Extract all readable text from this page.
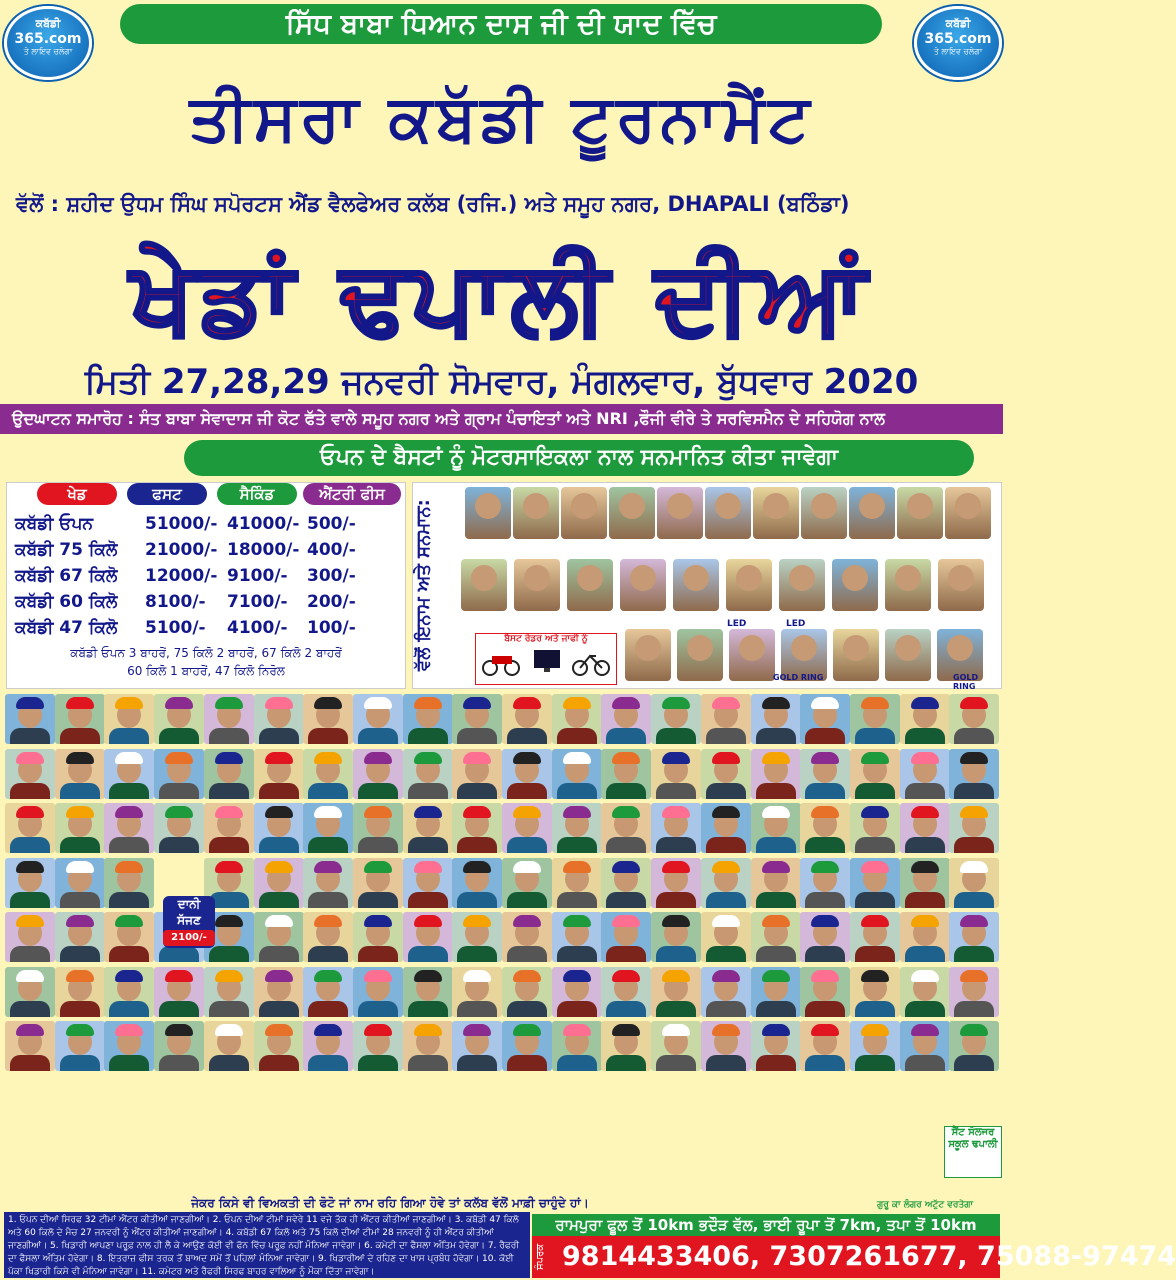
ਕਬੱਡੀ
365.com
ਤੇ ਲਾਇਵ ਚਲੇਗਾ
ਕਬੱਡੀ
365.com
ਤੇ ਲਾਇਵ ਚਲੇਗਾ
ਸਿੱਧ ਬਾਬਾ ਧਿਆਨ ਦਾਸ ਜੀ ਦੀ ਯਾਦ ਵਿੱਚ
ਤੀਸਰਾ ਕਬੱਡੀ ਟੂਰਨਾਮੈਂਟ
ਵੱਲੋਂ : ਸ਼ਹੀਦ ਉਧਮ ਸਿੰਘ ਸਪੋਰਟਸ ਐਂਡ ਵੈਲਫੇਅਰ ਕਲੱਬ (ਰਜਿ.) ਅਤੇ ਸਮੂਹ ਨਗਰ, DHAPALI (ਬਠਿੰਡਾ)
ਖੇਡਾਂ ਢਪਾਲੀ ਦੀਆਂ
ਮਿਤੀ 27,28,29 ਜਨਵਰੀ ਸੋਮਵਾਰ, ਮੰਗਲਵਾਰ, ਬੁੱਧਵਾਰ 2020
ਉਦਘਾਟਨ ਸਮਾਰੋਹ : ਸੰਤ ਬਾਬਾ ਸੇਵਾਦਾਸ ਜੀ ਕੋਟ ਫੱਤੇ ਵਾਲੇ ਸਮੂਹ ਨਗਰ ਅਤੇ ਗ੍ਰਾਮ ਪੰਚਾਇਤਾਂ ਅਤੇ NRI ,ਫੌਜੀ ਵੀਰੇ ਤੇ ਸਰਵਿਸਮੈਨ ਦੇ ਸਹਿਯੋਗ ਨਾਲ
ਓਪਨ ਦੇ ਬੈਸਟਾਂ ਨੂੰ ਮੋਟਰਸਾਇਕਲਾ ਨਾਲ ਸਨਮਾਨਿਤ ਕੀਤਾ ਜਾਵੇਗਾ
ਖੇਡ	ਫਸਟ	ਸੈਕਿੰਡ	ਐਂਟਰੀ ਫੀਸ
ਕਬੱਡੀ ਓਪਨ	51000/- 41000/- 500/-
ਕਬੱਡੀ 75 ਕਿਲੋ 21000/- 18000/- 400/-
ਕਬੱਡੀ 67 ਕਿਲੋ 12000/- 9100/- 300/-
ਕਬੱਡੀ 60 ਕਿਲੋ 8100/- 7100/- 200/-
ਕਬੱਡੀ 47 ਕਿਲੋ 5100/- 4100/- 100/-
ਕਬੱਡੀ ਓਪਨ 3 ਬਾਹਰੋਂ, 75 ਕਿਲੋ 2 ਬਾਹਰੋਂ, 67 ਕਿਲੋ 2 ਬਾਹਰੋਂ
60 ਕਿਲੋ 1 ਬਾਹਰੋਂ, 47 ਕਿਲੋ ਨਿਰੋਲ	ਵੱਲੋਂ ਇਨਾਮ ਅਤੇ ਸਨਮਾਨ:	ਬੈਸਟ ਰੇਡਰ ਅਤੇ ਜਾਫੀ ਨੂੰ
GOLD RING	GOLD RING
LED	LED
ਦਾਨੀ
ਸੱਜਣ
2100/-
ਸੈਂਟ ਸੋਲਜਰ ਸਕੂਲ ਢਪਾਲੀ
ਜੇਕਰ ਕਿਸੇ ਵੀ ਵਿਅਕਤੀ ਦੀ ਫੋਟੋ ਜਾਂ ਨਾਮ ਰਹਿ ਗਿਆ ਹੋਵੇ ਤਾਂ ਕਲੱਬ ਵੱਲੋਂ ਮਾਫ਼ੀ ਚਾਹੁੰਦੇ ਹਾਂ।	ਗੁਰੂ ਕਾ ਲੰਗਰ ਅਟੁੱਟ ਵਰਤੇਗਾ
1. ਓਪਨ ਦੀਆਂ ਸਿਰਫ 32 ਟੀਮਾਂ ਐਂਟਰ ਕੀਤੀਆਂ ਜਾਣਗੀਆਂ। 2. ਓਪਨ ਦੀਆਂ ਟੀਮਾਂ ਸਵੇਰੇ 11 ਵਜੇ ਤੱਕ ਹੀ ਐਂਟਰ ਕੀਤੀਆਂ ਜਾਣਗੀਆਂ। 3. ਕਬੱਡੀ 47 ਕਿਲੋ ਅਤੇ 60 ਕਿਲੋ ਦੇ ਮੈਚ 27 ਜਨਵਰੀ ਨੂੰ ਐਂਟਰ ਕੀਤੀਆਂ ਜਾਣਗੀਆਂ। 4. ਕਬੱਡੀ 67 ਕਿਲੋ ਅਤੇ 75 ਕਿਲੋ ਦੀਆਂ ਟੀਮਾਂ 28 ਜਨਵਰੀ ਨੂੰ ਹੀ ਐਂਟਰ ਕੀਤੀਆਂ ਜਾਣਗੀਆਂ। 5. ਖਿਡਾਰੀ ਆਪਣਾ ਪਰੂਫ਼ ਨਾਲ ਹੀ ਲੈ ਕੇ ਆਉਣ ਕੋਈ ਵੀ ਫੋਨ ਵਿੱਚ ਪਰੂਫ਼ ਨਹੀਂ ਮੰਨਿਆ ਜਾਵੇਗਾ। 6. ਕਮੇਟੀ ਦਾ ਫੈਸਲਾ ਅੰਤਿਮ ਹੋਵੇਗਾ। 7. ਰੈਫਰੀ ਦਾ ਫੈਸਲਾ ਅੰਤਿਮ ਹੋਵੇਗਾ। 8. ਇਤਰਾਜ਼ ਫੀਸ ਤਰਕ ਤੋਂ ਬਾਅਦ ਸਮੇਂ ਤੋਂ ਪਹਿਲਾਂ ਮੰਨਿਆ ਜਾਵੇਗਾ। 9. ਖਿਡਾਰੀਆਂ ਦੇ ਰਹਿਣ ਦਾ ਖਾਸ ਪ੍ਰਬੰਧ ਹੋਵੇਗਾ। 10. ਕੋਈ ਪੱਕਾ ਖਿਡਾਰੀ ਕਿਸੇ ਵੀ ਮੰਨਿਆ ਜਾਵੇਗਾ। 11. ਕਮੇਟਰ ਅਤੇ ਰੈਫਰੀ ਸਿਰਫ ਬਾਹਰ ਵਾਲਿਆ ਨੂੰ ਮੌਕਾ ਦਿੱਤਾ ਜਾਵੇਗਾ।
ਰਾਮਪੁਰਾ ਫੂਲ ਤੋਂ 10km ਭਦੌੜ ਵੱਲ, ਭਾਈ ਰੂਪਾ ਤੋਂ 7km, ਤਪਾ ਤੋਂ 10km
ਸੰਪਰਕ 9814433406, 7307261677, 75088-97474
